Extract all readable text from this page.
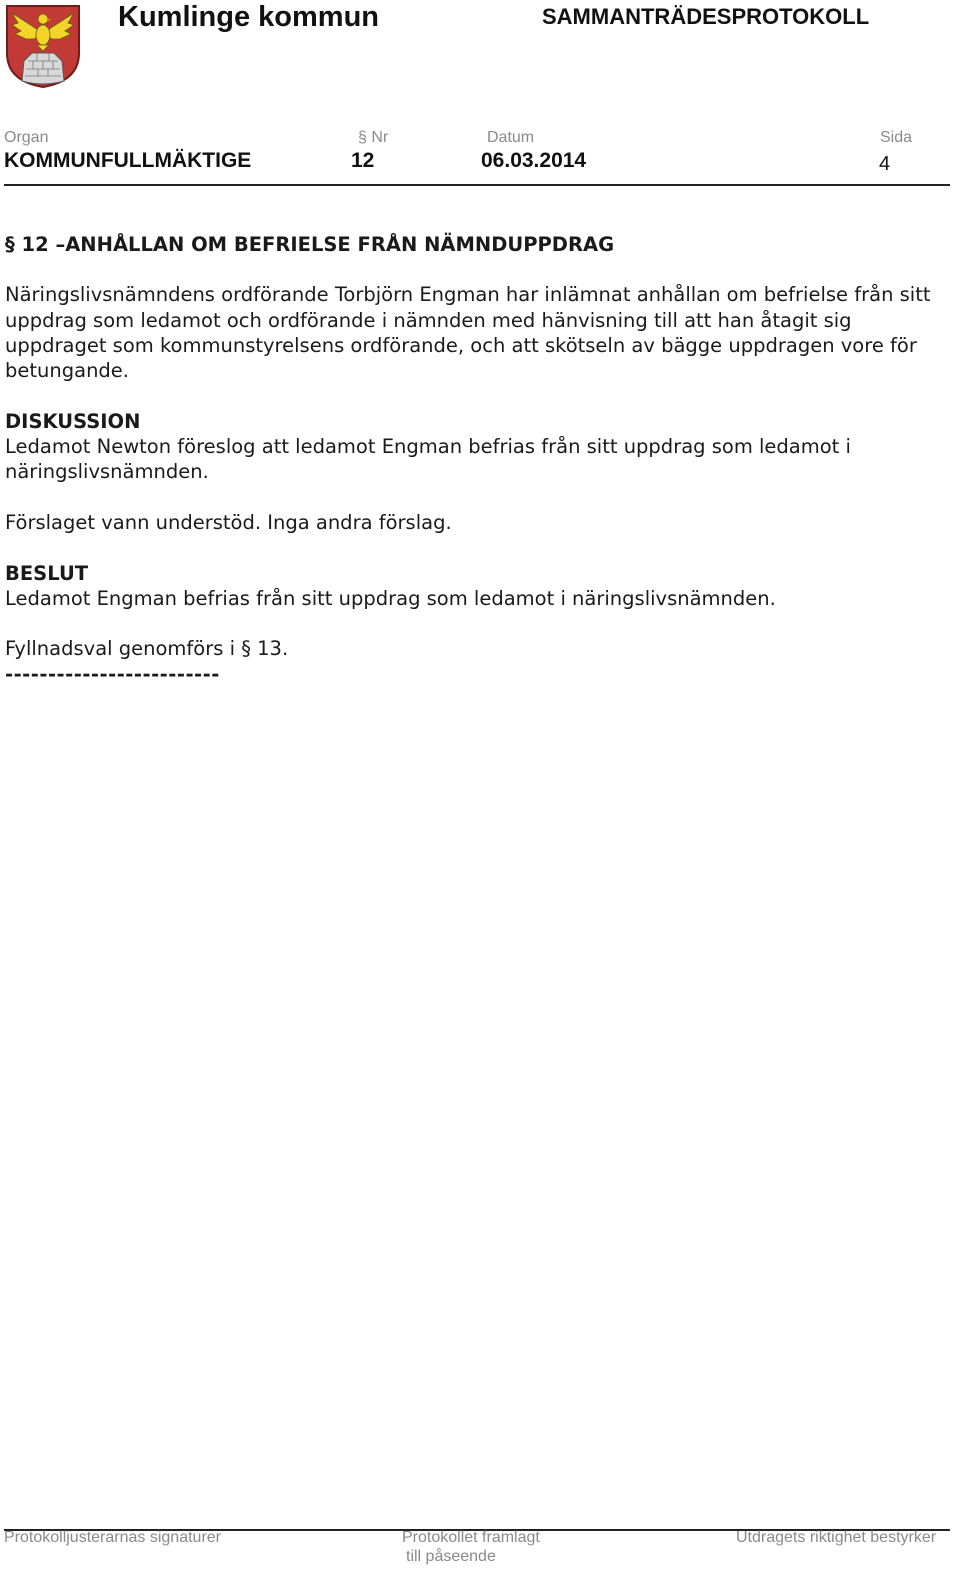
Kumlinge kommun	SAMMANTRÄDESPROTOKOLL
Organ	§ Nr	Datum	Sida
KOMMUNFULLMÄKTIGE	12	06.03.2014	4

§ 12 –ANHÅLLAN OM BEFRIELSE FRÅN NÄMNDUPPDRAG

Näringslivsnämndens ordförande Torbjörn Engman har inlämnat anhållan om befrielse från sitt uppdrag som ledamot och ordförande i nämnden med hänvisning till att han åtagit sig uppdraget som kommunstyrelsens ordförande, och att skötseln av bägge uppdragen vore för betungande.

DISKUSSION

Ledamot Newton föreslog att ledamot Engman befrias från sitt uppdrag som ledamot i näringslivsnämnden.

Förslaget vann understöd. Inga andra förslag.

BESLUT

Ledamot Engman befrias från sitt uppdrag som ledamot i näringslivsnämnden.

Fyllnadsval genomförs i § 13.

-------------------------

Protokolljusterarnas signaturer	Protokollet framlagt
till påseende
Utdragets riktighet bestyrker
